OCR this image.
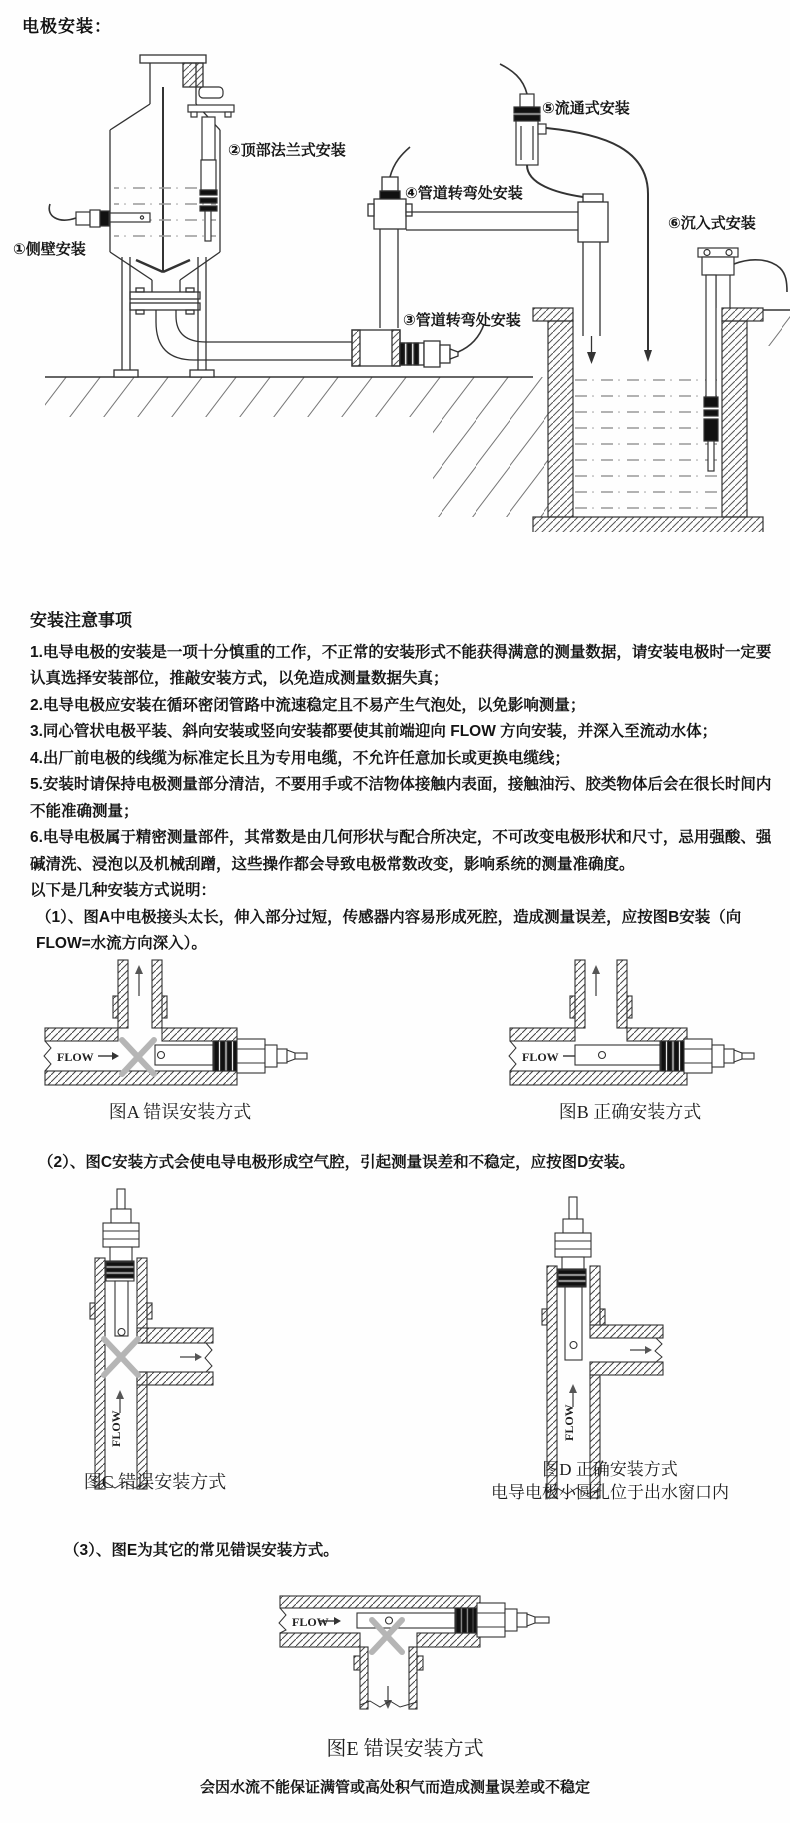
电极安装：
①侧壁安装
②顶部法兰式安装
③管道转弯处安装
④管道转弯处安装
⑤流通式安装
⑥沉入式安装
安装注意事项

1.电导电极的安装是一项十分慎重的工作，不正常的安装形式不能获得满意的测量数据，请安装电极时一定要认真选择安装部位，推敲安装方式，以免造成测量数据失真；

2.电导电极应安装在循环密闭管路中流速稳定且不易产生气泡处，以免影响测量；

3.同心管状电极平装、斜向安装或竖向安装都要使其前端迎向 FLOW 方向安装，并深入至流动水体；

4.出厂前电极的线缆为标准定长且为专用电缆，不允许任意加长或更换电缆线；

5.安装时请保持电极测量部分清洁，不要用手或不洁物体接触内表面，接触油污、胶类物体后会在很长时间内不能准确测量；

6.电导电极属于精密测量部件，其常数是由几何形状与配合所决定，不可改变电极形状和尺寸，忌用强酸、强碱清洗、浸泡以及机械刮蹭，这些操作都会导致电极常数改变，影响系统的测量准确度。

以下是几种安装方式说明：

（1）、图A中电极接头太长，伸入部分过短，传感器内容易形成死腔，造成测量误差，应按图B安装（向FLOW=水流方向深入）。

FLOW
图A 错误安装方式
FLOW
图B 正确安装方式
（2）、图C安装方式会使电导电极形成空气腔，引起测量误差和不稳定，应按图D安装。
FLOW
图C 错误安装方式
FLOW
图D 正确安装方式
电导电极小圆孔位于出水窗口内
（3）、图E为其它的常见错误安装方式。
FLOW
图E 错误安装方式
会因水流不能保证满管或高处积气而造成测量误差或不稳定
